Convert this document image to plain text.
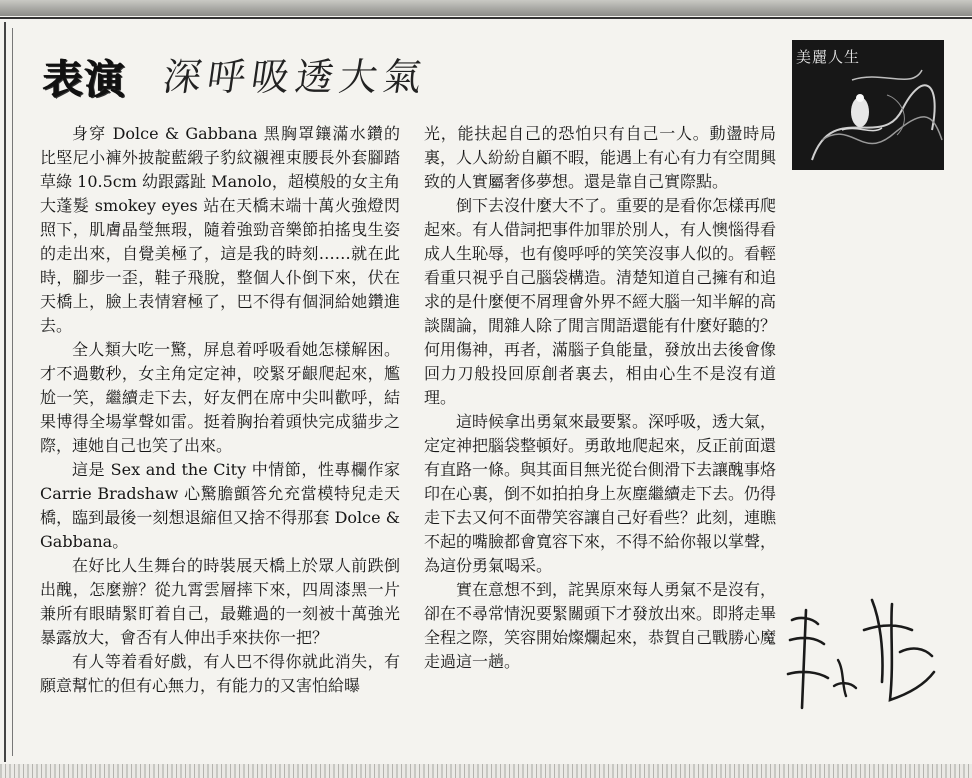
表演 深呼吸透大氣	美麗人生

身穿 Dolce & Gabbana 黑胸罩鑲滿水鑽的比堅尼小褲外披靛藍緞子豹紋襯裡束腰長外套腳踏草綠 10.5cm 幼跟露趾 Manolo，超模般的女主角大蓬髮 smokey eyes 站在天橋末端十萬火強燈閃照下，肌膚晶瑩無瑕，隨着強勁音樂節拍搖曳生姿的走出來，自覺美極了，這是我的時刻……就在此時，腳步一歪，鞋子飛脫，整個人仆倒下來，伏在天橋上，臉上表情窘極了，巴不得有個洞給她鑽進去。

全人類大吃一驚，屏息着呼吸看她怎樣解困。才不過數秒，女主角定定神，咬緊牙齦爬起來，尷尬一笑，繼續走下去，好友們在席中尖叫歡呼，結果博得全場掌聲如雷。挺着胸抬着頭快完成貓步之際，連她自己也笑了出來。

這是 Sex and the City 中情節，性專欄作家 Carrie Bradshaw 心驚膽顫答允充當模特兒走天橋，臨到最後一刻想退縮但又捨不得那套 Dolce & Gabbana。

在好比人生舞台的時裝展天橋上於眾人前跌倒出醜，怎麼辦？從九霄雲層摔下來，四周漆黑一片兼所有眼睛緊盯着自己，最難過的一刻被十萬強光暴露放大，會否有人伸出手來扶你一把？

有人等着看好戲，有人巴不得你就此消失，有願意幫忙的但有心無力，有能力的又害怕給曝

光，能扶起自己的恐怕只有自己一人。動盪時局裏，人人紛紛自顧不暇，能遇上有心有力有空閒興致的人實屬奢侈夢想。還是靠自己實際點。

倒下去沒什麼大不了。重要的是看你怎樣再爬起來。有人借詞把事件加罪於別人，有人懊惱得看成人生恥辱，也有傻呼呼的笑笑沒事人似的。看輕看重只視乎自己腦袋構造。清楚知道自己擁有和追求的是什麼便不屑理會外界不經大腦一知半解的高談闊論，閒雜人除了閒言閒語還能有什麼好聽的？何用傷神，再者，滿腦子負能量，發放出去後會像回力刀般投回原創者裏去，相由心生不是沒有道理。

這時候拿出勇氣來最要緊。深呼吸，透大氣，定定神把腦袋整頓好。勇敢地爬起來，反正前面還有直路一條。與其面目無光從台側滑下去讓醜事烙印在心裏，倒不如拍拍身上灰塵繼續走下去。仍得走下去又何不面帶笑容讓自己好看些？此刻，連瞧不起的嘴臉都會寬容下來，不得不給你報以掌聲，為這份勇氣喝采。

實在意想不到，詫異原來每人勇氣不是沒有，卻在不尋常情況要緊關頭下才發放出來。即將走畢全程之際，笑容開始燦爛起來，恭賀自己戰勝心魔走過這一趟。
